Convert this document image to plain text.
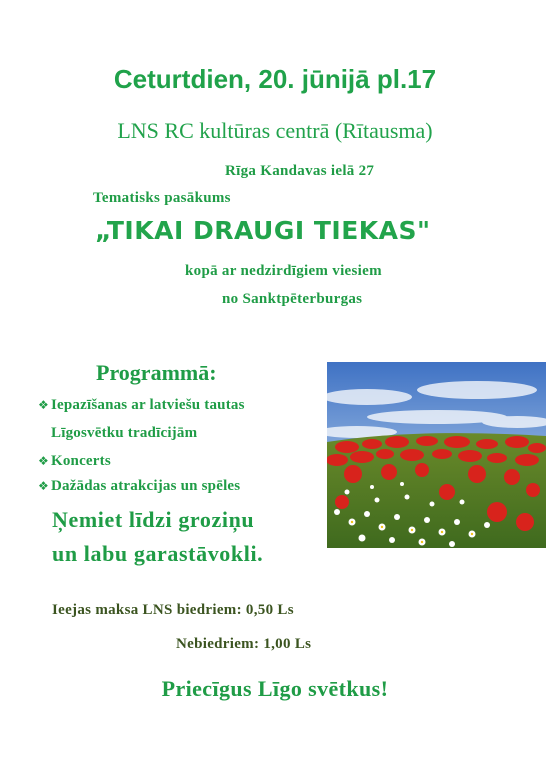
Ceturtdien, 20. jūnijā pl.17
LNS RC kultūras centrā (Rītausma)
Rīga Kandavas ielā 27
Tematisks pasākums
„TIKAI DRAUGI TIEKAS"
kopā ar nedzirdīgiem viesiem
no Sanktpēterburgas
Programmā:
❖ Iepazīšanas ar latviešu tautas
Līgosvētku tradīcijām
❖ Koncerts
❖ Dažādas atrakcijas un spēles
Ņemiet līdzi groziņu
un labu garastāvokli.
Ieejas maksa LNS biedriem: 0,50 Ls
Nebiedriem: 1,00 Ls
Priecīgus Līgo svētkus!
